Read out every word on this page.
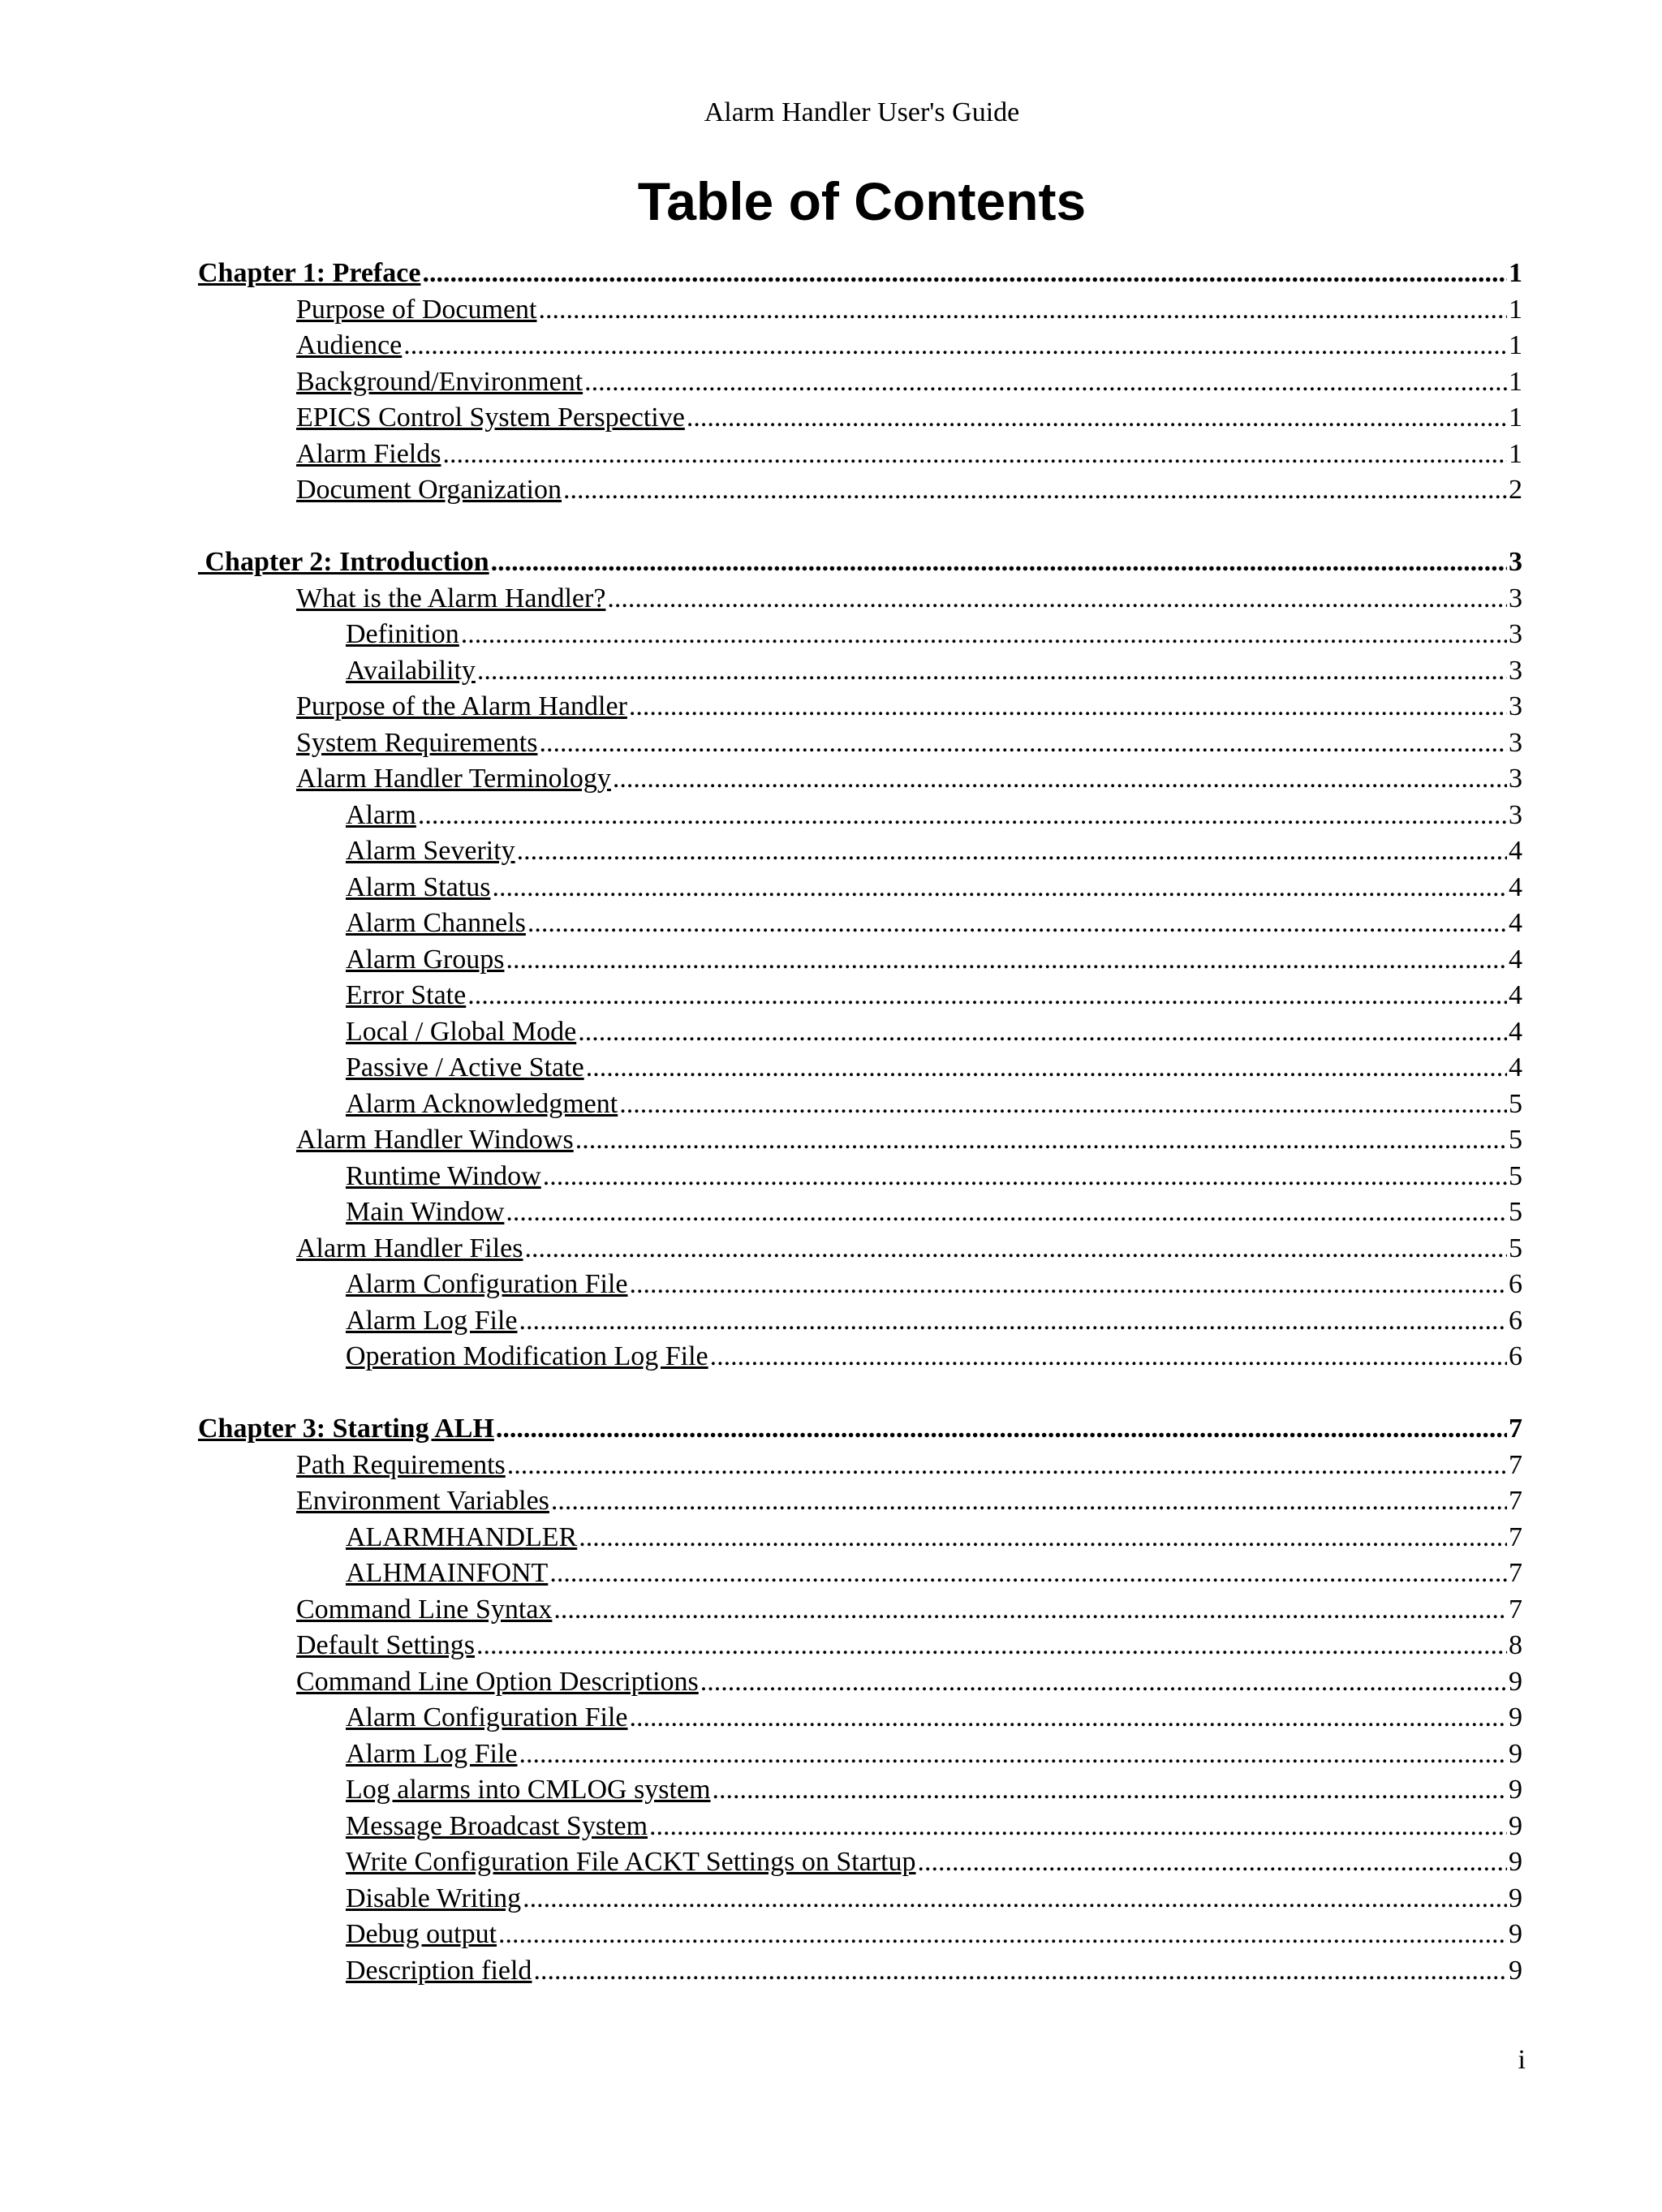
Alarm Handler User's Guide
Table of Contents
Chapter 1: Preface .....	1
Purpose of Document .....	1
Audience .....	1
Background/Environment .....	1
EPICS Control System Perspective .....	1
Alarm Fields .....	1
Document Organization .....	2
Chapter 2: Introduction .....	3
What is the Alarm Handler? .....	3
Definition .....	3
Availability .....	3
Purpose of the Alarm Handler .....	3
System Requirements .....	3
Alarm Handler Terminology .....	3
Alarm .....	3
Alarm Severity .....	4
Alarm Status .....	4
Alarm Channels .....	4
Alarm Groups .....	4
Error State .....	4
Local / Global Mode .....	4
Passive / Active State .....	4
Alarm Acknowledgment .....	5
Alarm Handler Windows .....	5
Runtime Window .....	5
Main Window .....	5
Alarm Handler Files .....	5
Alarm Configuration File .....	6
Alarm Log File .....	6
Operation Modification Log File .....	6
Chapter 3: Starting ALH .....	7
Path Requirements .....	7
Environment Variables .....	7
ALARMHANDLER .....	7
ALHMAINFONT .....	7
Command Line Syntax .....	7
Default Settings .....	8
Command Line Option Descriptions .....	9
Alarm Configuration File .....	9
Alarm Log File .....	9
Log alarms into CMLOG system .....	9
Message Broadcast System .....	9
Write Configuration File ACKT Settings on Startup .....	9
Disable Writing .....	9
Debug output .....	9
Description field .....	9
i
